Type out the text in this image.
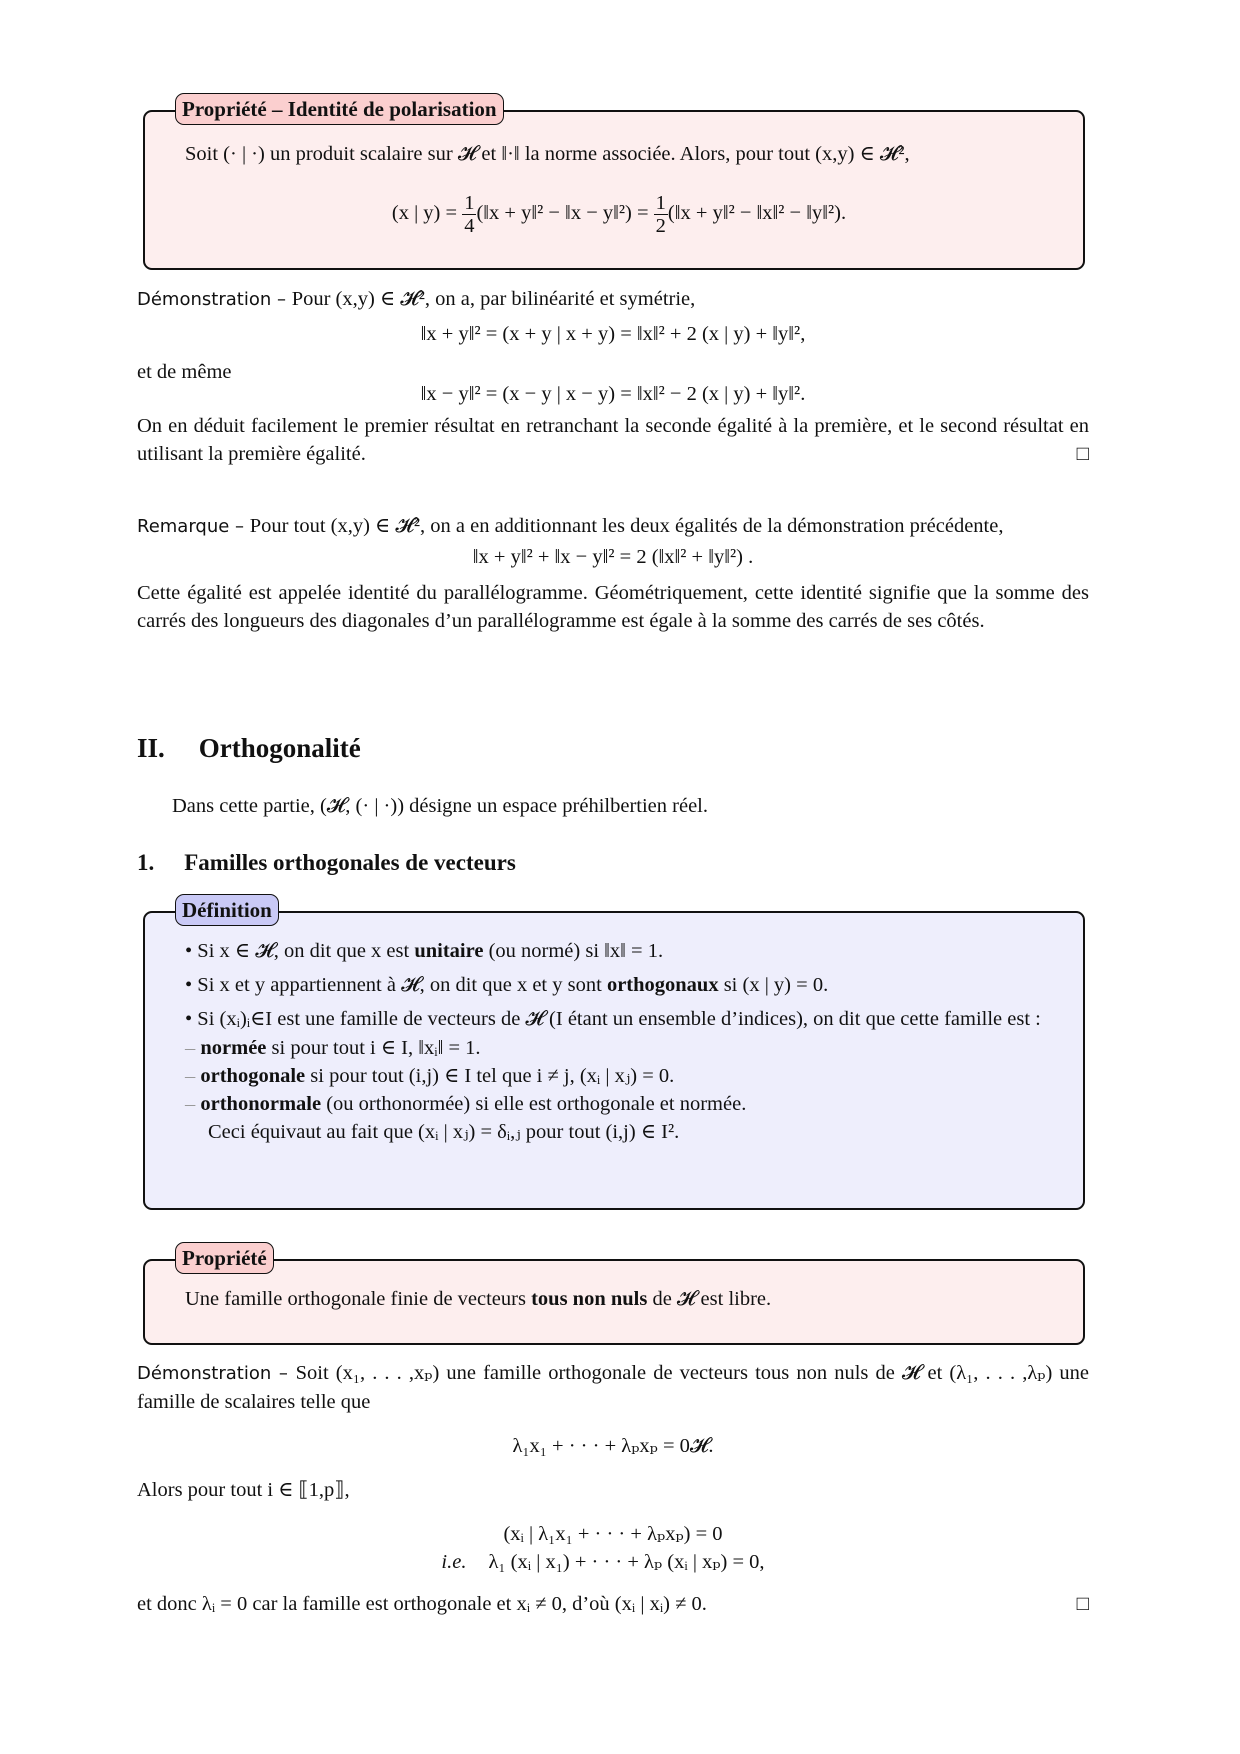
Propriété – Identité de polarisation
Soit (· | ·) un produit scalaire sur 𝓗 et ‖·‖ la norme associée. Alors, pour tout (x,y) ∈ 𝓗²,
(x | $y) = \frac{1}{4}$ (‖x + y‖² − ‖x − y‖²) = $\frac{1}{2}$ (‖x + y‖² − ‖x‖² − ‖y‖²).
Démonstration – Pour (x,y) ∈ 𝓗², on a, par bilinéarité et symétrie,
‖x + y‖² = (x + y | x + y) = ‖x‖² + 2 (x | y) + ‖y‖²,
et de même
‖x − y‖² = (x − y | x − y) = ‖x‖² − 2 (x | y) + ‖y‖².
On en déduit facilement le premier résultat en retranchant la seconde égalité à la première, et le second résultat en utilisant la première égalité.	□
Remarque – Pour tout (x,y) ∈ 𝓗², on a en additionnant les deux égalités de la démonstration précédente,
‖x + y‖² + ‖x − y‖² = 2 (‖x‖² + ‖y‖²) .
Cette égalité est appelée identité du parallélogramme. Géométriquement, cette identité signifie que la somme des carrés des longueurs des diagonales d’un parallélogramme est égale à la somme des carrés de ses côtés.
II. Orthogonalité
Dans cette partie, (𝓗, (· | ·)) désigne un espace préhilbertien réel.
1. Familles orthogonales de vecteurs
Définition
• Si x ∈ 𝓗, on dit que x est unitaire (ou normé) si ‖x‖ = 1.
• Si x et y appartiennent à 𝓗, on dit que x et y sont orthogonaux si (x | y) = 0.
• Si (xᵢ)ᵢ∈I est une famille de vecteurs de 𝓗 (I étant un ensemble d’indices), on dit que cette famille est :
– normée si pour tout i ∈ I, ‖xᵢ‖ = 1.
– orthogonale si pour tout (i,j) ∈ I tel que i ≠ j, (xᵢ | xⱼ) = 0.
– orthonormale (ou orthonormée) si elle est orthogonale et normée.
Ceci équivaut au fait que (xᵢ | xⱼ) = δᵢ,ⱼ pour tout (i,j) ∈ I².
Propriété
Une famille orthogonale finie de vecteurs tous non nuls de 𝓗 est libre.
Démonstration – Soit (x₁, . . . ,xₚ) une famille orthogonale de vecteurs tous non nuls de 𝓗 et (λ₁, . . . ,λₚ) une famille de scalaires telle que
λ₁x₁ + · · · + λₚxₚ = 0𝓗.
Alors pour tout i ∈ ⟦1,p⟧,
(xᵢ | λ₁x₁ + · · · + λₚxₚ) = 0
i.e. λ₁ (xᵢ | x₁) + · · · + λₚ (xᵢ | xₚ) = 0,
et donc λᵢ = 0 car la famille est orthogonale et xᵢ ≠ 0, d’où (xᵢ | xᵢ) ≠ 0.	□
